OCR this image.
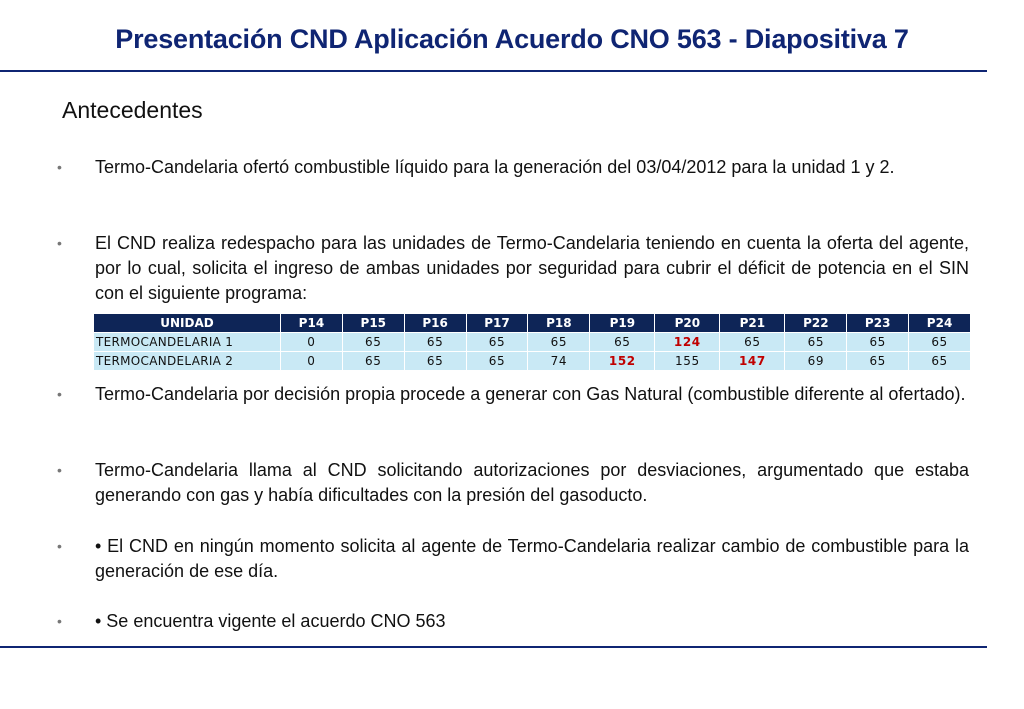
Presentación CND Aplicación Acuerdo CNO 563 - Diapositiva 7
Antecedentes
•	Termo-Candelaria ofertó combustible líquido para la generación del 03/04/2012 para la unidad 1 y 2.
•	El CND realiza redespacho para las unidades de Termo-Candelaria teniendo en cuenta la oferta del agente, por lo cual, solicita el ingreso de ambas unidades por seguridad para cubrir el déficit de potencia en el SIN con el siguiente programa:
UNIDAD	P14	P15	P16	P17	P18	P19	P20	P21	P22	P23	P24
TERMOCANDELARIA 1	0	65	65	65	65	65	124	65	65	65	65
TERMOCANDELARIA 2	0	65	65	65	74	152	155	147	69	65	65
•	Termo-Candelaria por decisión propia procede a generar con Gas Natural (combustible diferente al ofertado).
•	Termo-Candelaria llama al CND solicitando autorizaciones por desviaciones, argumentado que estaba generando con gas y había dificultades con la presión del gasoducto.
•	• El CND en ningún momento solicita al agente de Termo-Candelaria realizar cambio de combustible para la generación de ese día.
•	• Se encuentra vigente el acuerdo CNO 563
